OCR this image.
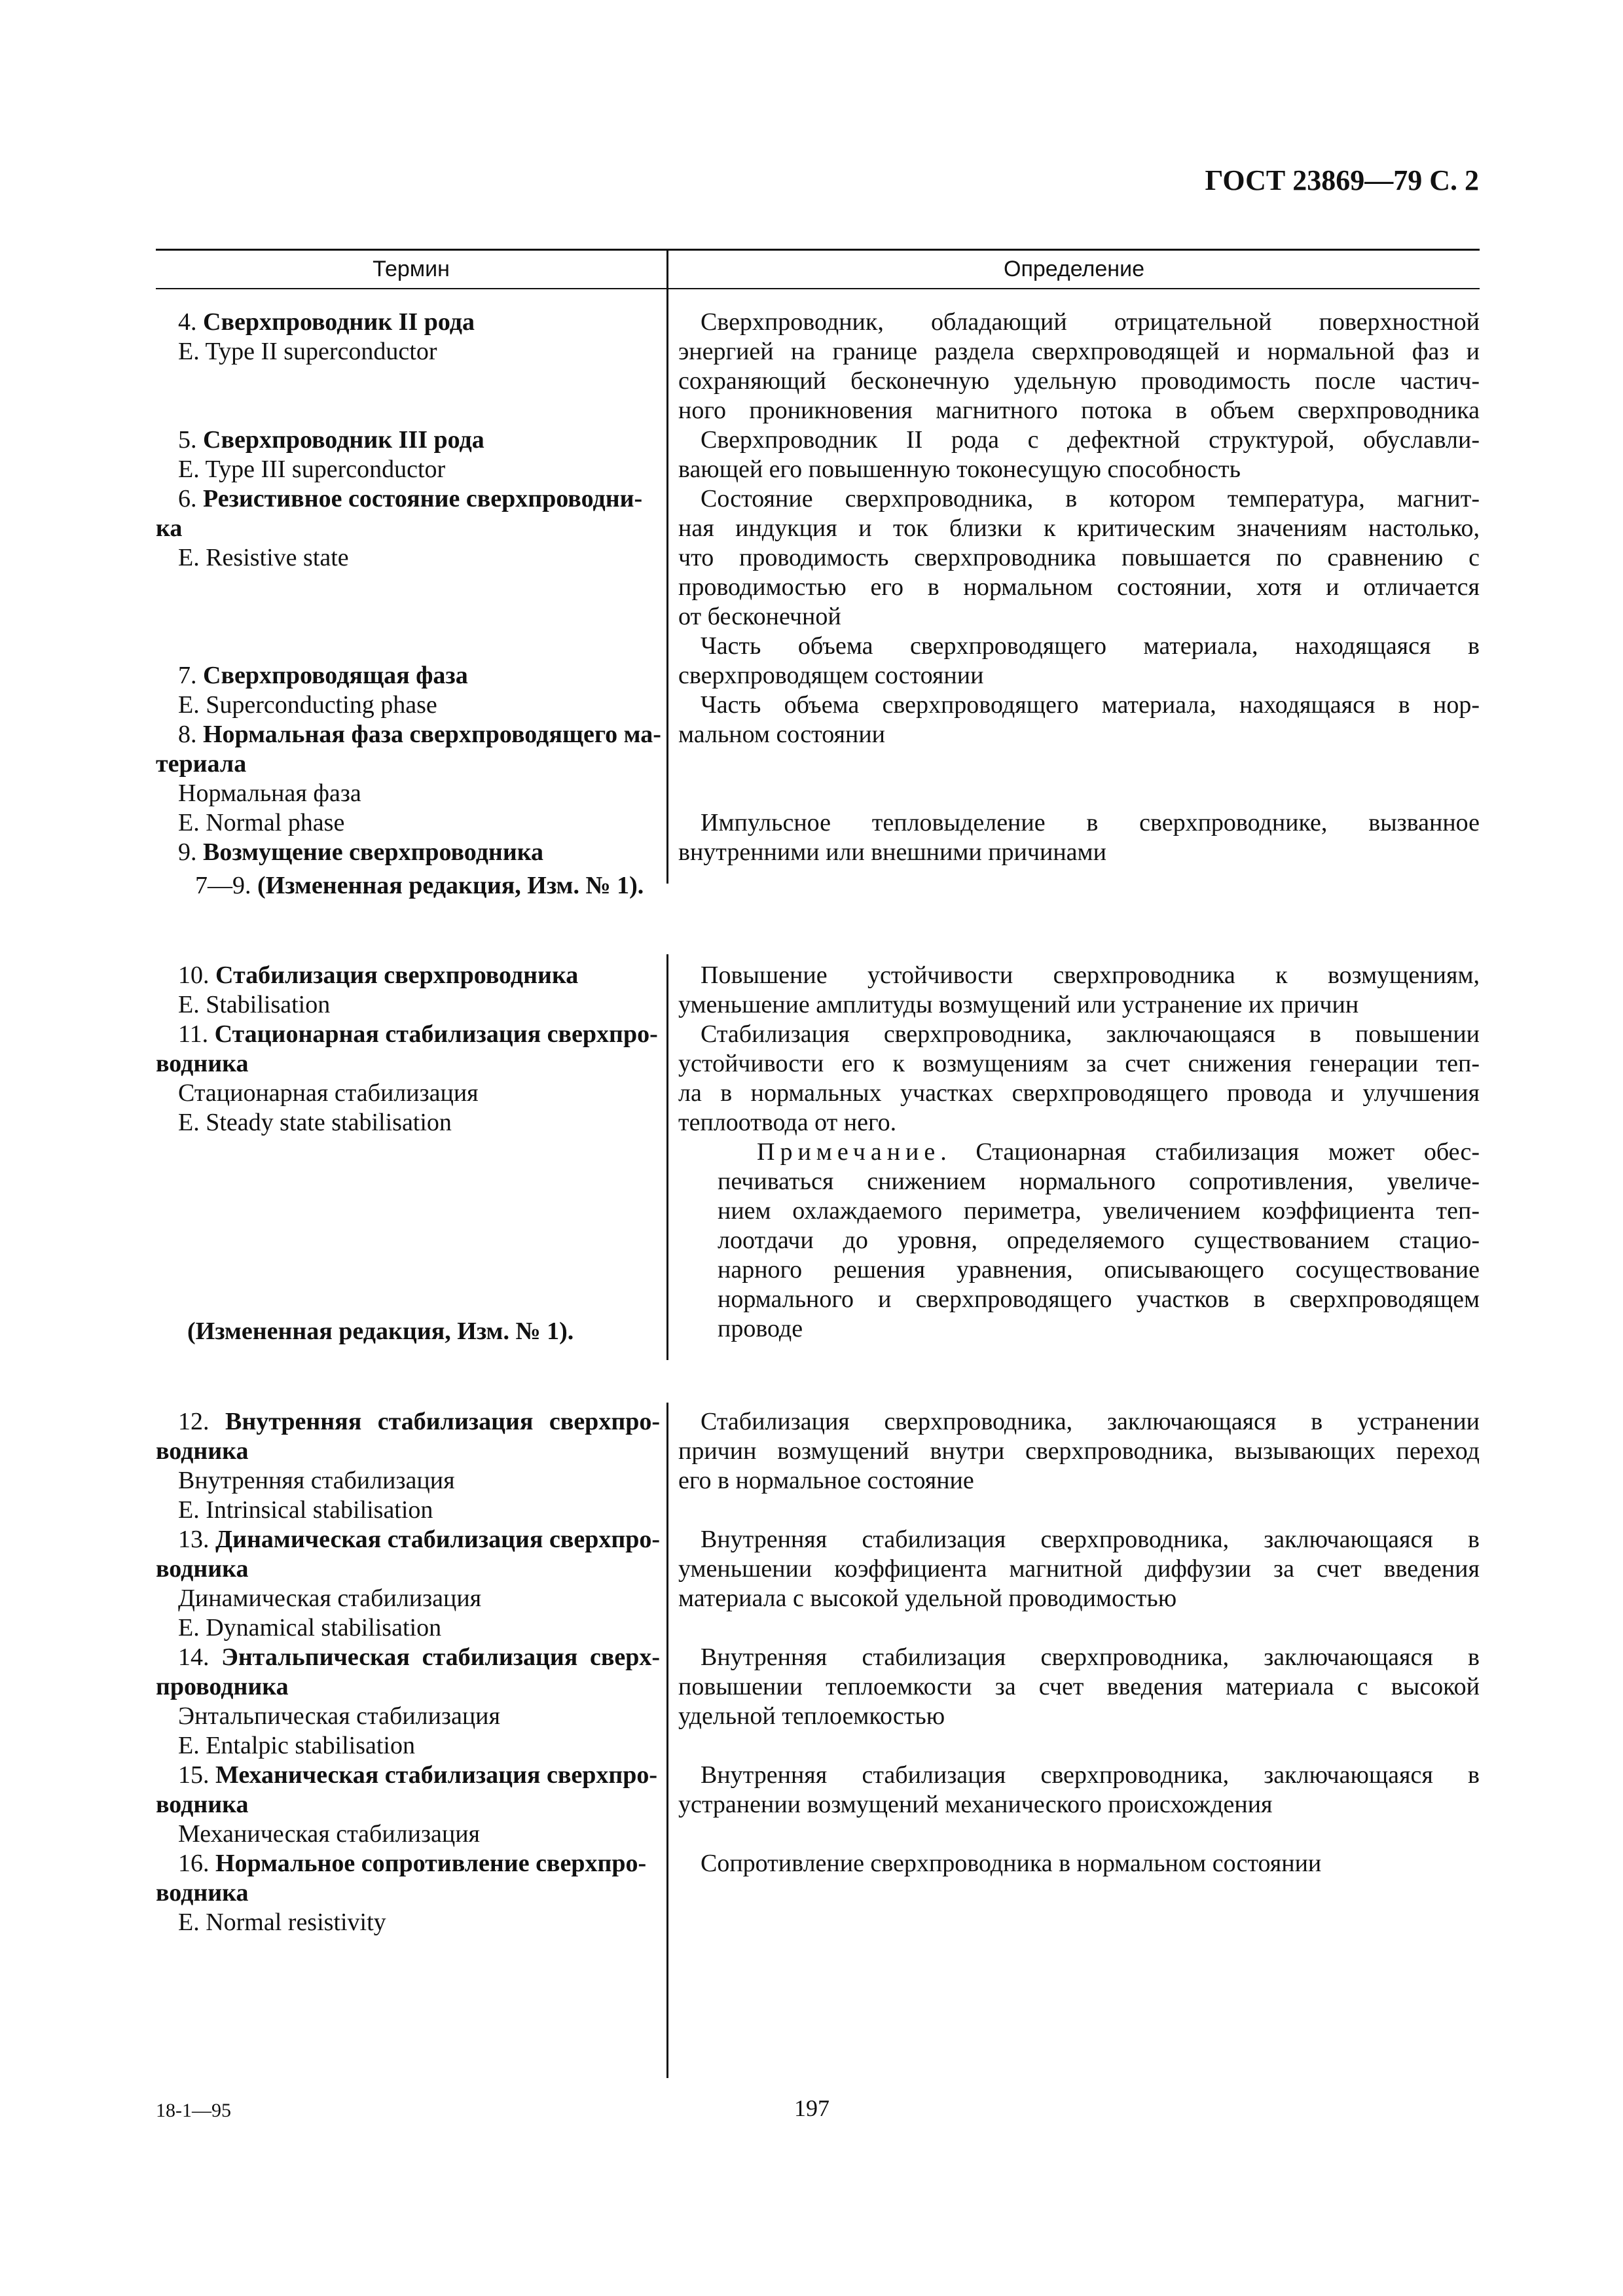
ГОСТ 23869—79 С. 2
Термин	Определение
4. Сверхпроводник II рода
E. Type II superconductor
5. Сверхпроводник III рода
E. Type III superconductor
6. Резистивное состояние сверхпроводни-
ка
E. Resistive state
7. Сверхпроводящая фаза
E. Superconducting phase
8. Нормальная фаза сверхпроводящего ма-
териала
Нормальная фаза
E. Normal phase
9. Возмущение сверхпроводника
7—9. (Измененная редакция, Изм. № 1).
Сверхпроводник, обладающий отрицательной поверхностной
энергией на границе раздела сверхпроводящей и нормальной фаз и
сохраняющий бесконечную удельную проводимость после частич-
ного проникновения магнитного потока в объем сверхпроводника
Сверхпроводник II рода с дефектной структурой, обуславли-
вающей его повышенную токонесущую способность
Состояние сверхпроводника, в котором температура, магнит-
ная индукция и ток близки к критическим значениям настолько,
что проводимость сверхпроводника повышается по сравнению с
проводимостью его в нормальном состоянии, хотя и отличается
от бесконечной
Часть объема сверхпроводящего материала, находящаяся в
сверхпроводящем состоянии
Часть объема сверхпроводящего материала, находящаяся в нор-
мальном состоянии
Импульсное тепловыделение в сверхпроводнике, вызванное
внутренними или внешними причинами
10. Стабилизация сверхпроводника
E. Stabilisation
11. Стационарная стабилизация сверхпро-
водника
Стационарная стабилизация
E. Steady state stabilisation
(Измененная редакция, Изм. № 1).
Повышение устойчивости сверхпроводника к возмущениям,
уменьшение амплитуды возмущений или устранение их причин
Стабилизация сверхпроводника, заключающаяся в повышении
устойчивости его к возмущениям за счет снижения генерации теп-
ла в нормальных участках сверхпроводящего провода и улучшения
теплоотвода от него.
Примечание. Стационарная стабилизация может обес-
печиваться снижением нормального сопротивления, увеличе-
нием охлаждаемого периметра, увеличением коэффициента теп-
лоотдачи до уровня, определяемого существованием стацио-
нарного решения уравнения, описывающего сосуществование
нормального и сверхпроводящего участков в сверхпроводящем
проводе
12. Внутренняя стабилизация сверхпро-
водника
Внутренняя стабилизация
E. Intrinsical stabilisation
13. Динамическая стабилизация сверхпро-
водника
Динамическая стабилизация
E. Dynamical stabilisation
14. Энтальпическая стабилизация сверх-
проводника
Энтальпическая стабилизация
E. Entalpic stabilisation
15. Механическая стабилизация сверхпро-
водника
Механическая стабилизация
16. Нормальное сопротивление сверхпро-
водника
E. Normal resistivity
Стабилизация сверхпроводника, заключающаяся в устранении
причин возмущений внутри сверхпроводника, вызывающих переход
его в нормальное состояние
Внутренняя стабилизация сверхпроводника, заключающаяся в
уменьшении коэффициента магнитной диффузии за счет введения
материала с высокой удельной проводимостью
Внутренняя стабилизация сверхпроводника, заключающаяся в
повышении теплоемкости за счет введения материала с высокой
удельной теплоемкостью
Внутренняя стабилизация сверхпроводника, заключающаяся в
устранении возмущений механического происхождения
Сопротивление сверхпроводника в нормальном состоянии
18-1—95	197
